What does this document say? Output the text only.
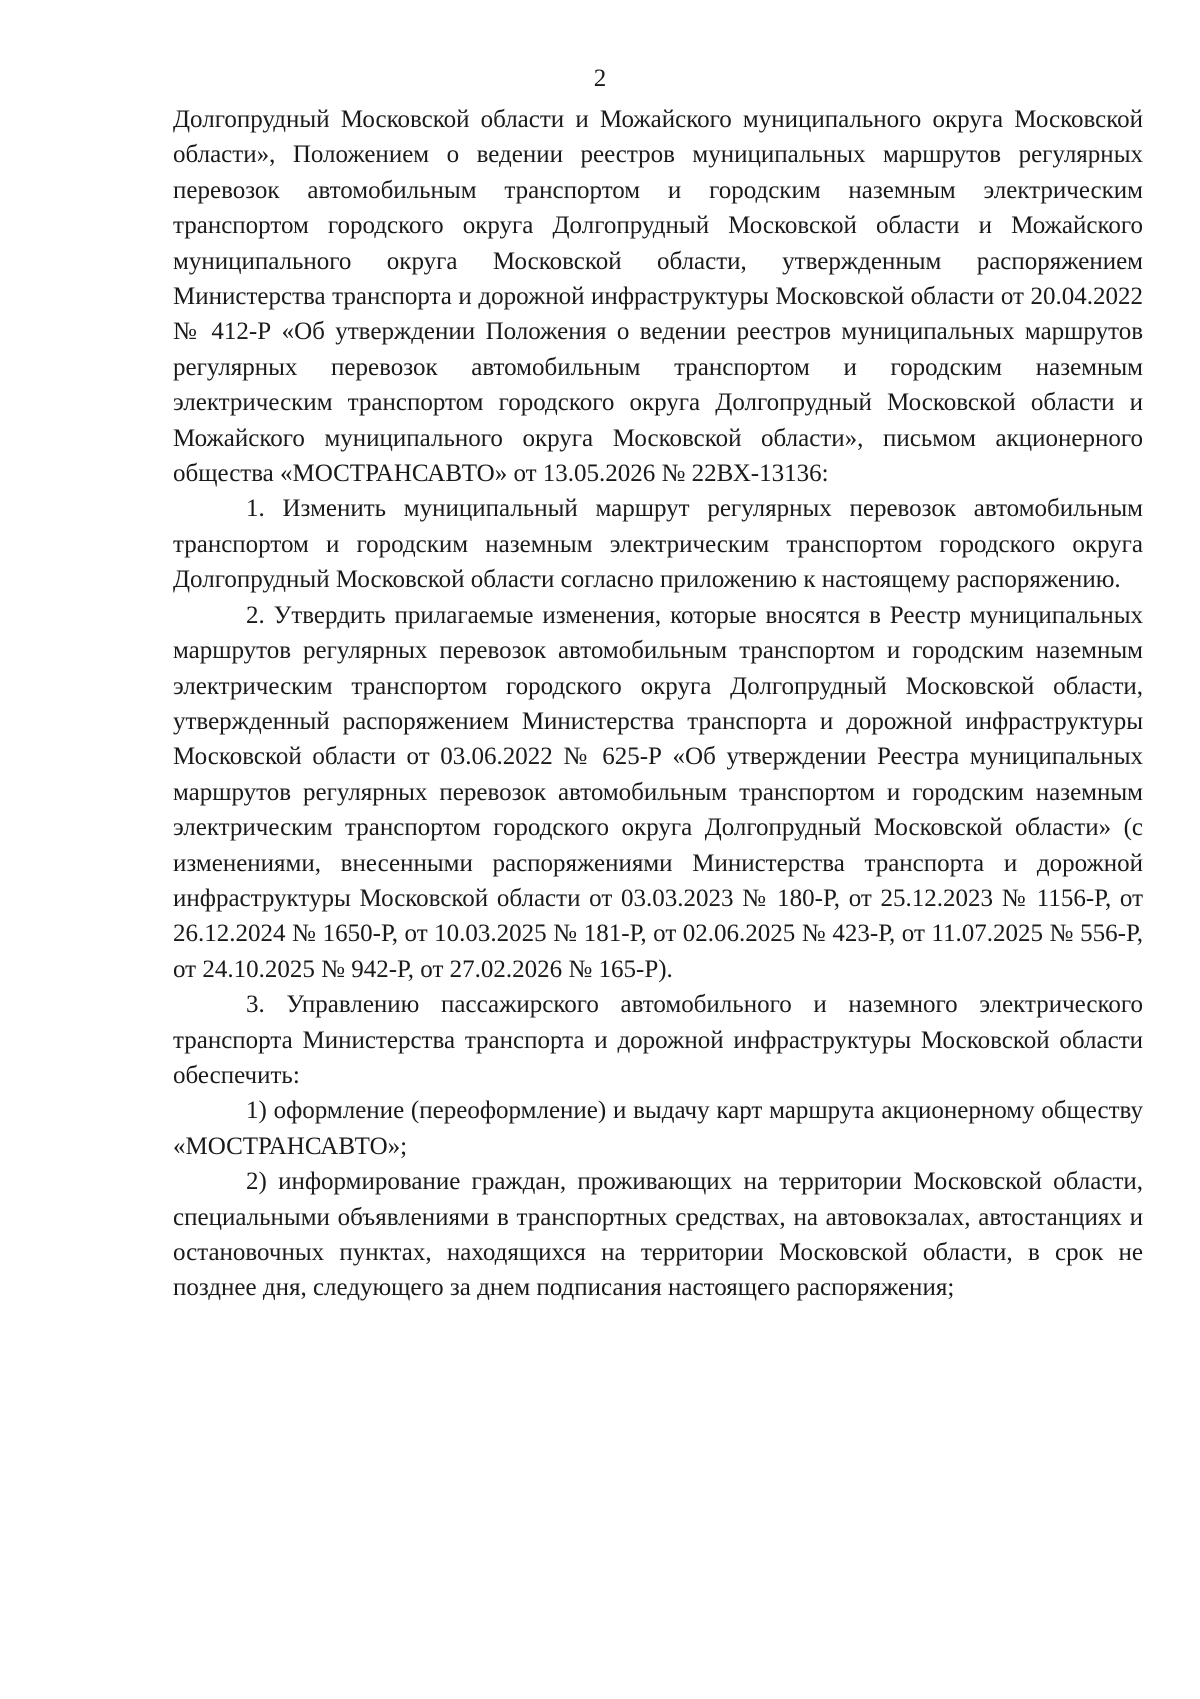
2

Долгопрудный Московской области и Можайского муниципального округа Московской области», Положением о ведении реестров муниципальных маршрутов регулярных перевозок автомобильным транспортом и городским наземным электрическим транспортом городского округа Долгопрудный Московской области и Можайского муниципального округа Московской области, утвержденным распоряжением Министерства транспорта и дорожной инфраструктуры Московской области от 20.04.2022 № 412-Р «Об утверждении Положения о ведении реестров муниципальных маршрутов регулярных перевозок автомобильным транспортом и городским наземным электрическим транспортом городского округа Долгопрудный Московской области и Можайского муниципального округа Московской области», письмом акционерного общества «МОСТРАНСАВТО» от 13.05.2026 № 22ВХ-13136:

1. Изменить муниципальный маршрут регулярных перевозок автомобильным транспортом и городским наземным электрическим транспортом городского округа Долгопрудный Московской области согласно приложению к настоящему распоряжению.

2. Утвердить прилагаемые изменения, которые вносятся в Реестр муниципальных маршрутов регулярных перевозок автомобильным транспортом и городским наземным электрическим транспортом городского округа Долгопрудный Московской области, утвержденный распоряжением Министерства транспорта и дорожной инфраструктуры Московской области от 03.06.2022 № 625-Р «Об утверждении Реестра муниципальных маршрутов регулярных перевозок автомобильным транспортом и городским наземным электрическим транспортом городского округа Долгопрудный Московской области» (с изменениями, внесенными распоряжениями Министерства транспорта и дорожной инфраструктуры Московской области от 03.03.2023 № 180-Р, от 25.12.2023 № 1156-Р, от 26.12.2024 № 1650-Р, от 10.03.2025 № 181-Р, от 02.06.2025 № 423-Р, от 11.07.2025 № 556-Р, от 24.10.2025 № 942-Р, от 27.02.2026 № 165-Р).

3. Управлению пассажирского автомобильного и наземного электрического транспорта Министерства транспорта и дорожной инфраструктуры Московской области обеспечить:

1) оформление (переоформление) и выдачу карт маршрута акционерному обществу «МОСТРАНСАВТО»;

2) информирование граждан, проживающих на территории Московской области, специальными объявлениями в транспортных средствах, на автовокзалах, автостанциях и остановочных пунктах, находящихся на территории Московской области, в срок не позднее дня, следующего за днем подписания настоящего распоряжения;
